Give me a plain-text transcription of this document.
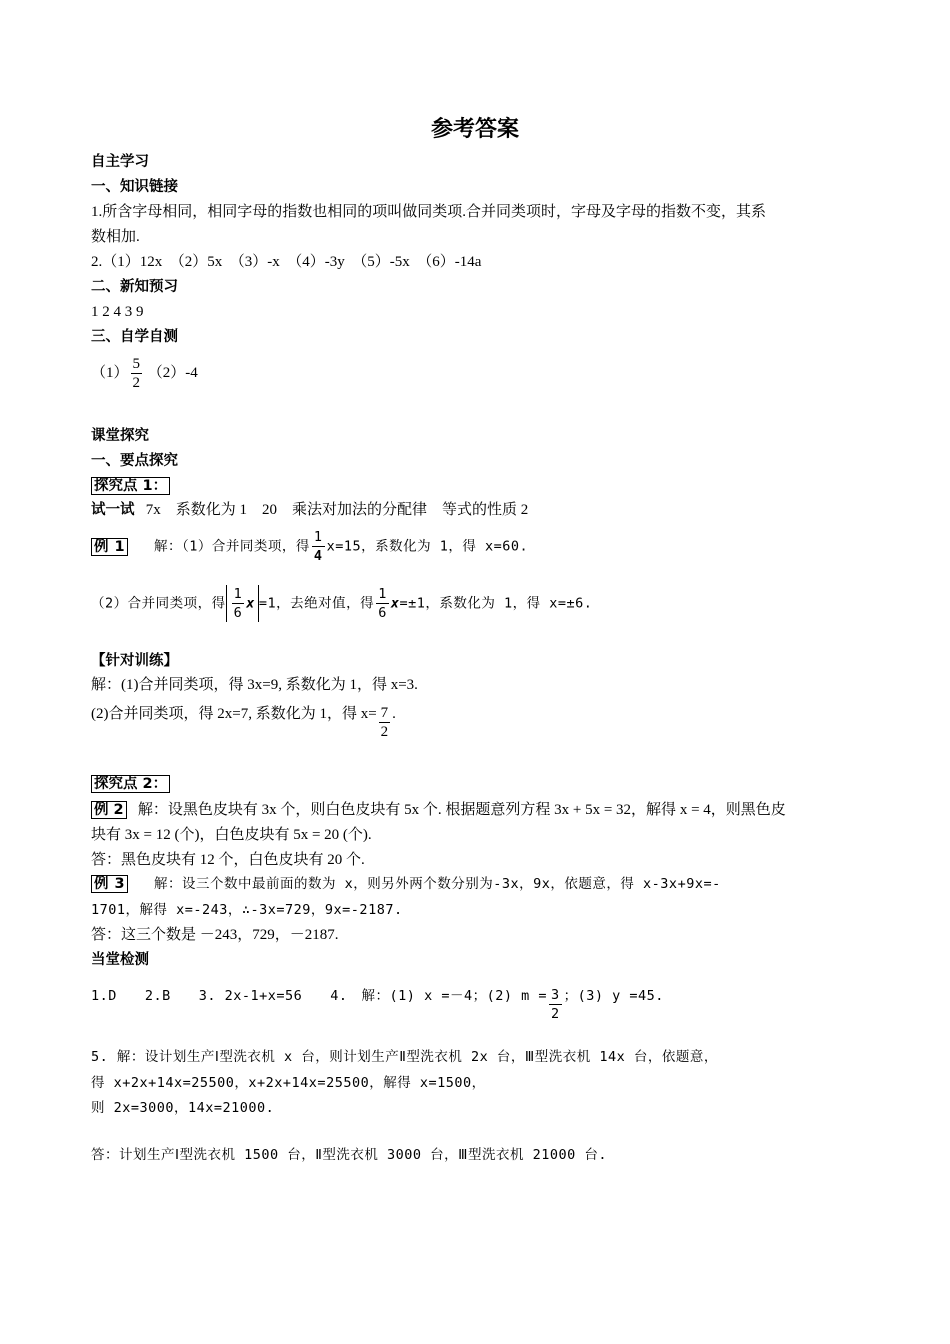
参考答案
自主学习
一、知识链接
1.所含字母相同，相同字母的指数也相同的项叫做同类项.合并同类项时，字母及字母的指数不变，其系
数相加.
2.（1）12x　（2）5x　（3）-x　（4）-3y　（5）-5x　（6）-14a
二、新知预习
1 2 4 3 9
三、自学自测
$(1) \frac{5}{2} (2)-4$
课堂探究
一、要点探究
探究点 1：
试一试 7x　系数化为 1　20　乘法对加法的分配律　等式的性质 2
例 1 解：（1）合并同类项，得 $\frac{1}{4} x=15$，系数化为 1，得 x=60.
（2）合并同类项，得 $\frac{1}{6}$ x =1，去绝对值，得 $\frac{1}{6} x=\pm 1$，系数化为 1，得 x=±6.
【针对训练】
解：(1)合并同类项，得 3x=9, 系数化为 1，得 x=3.
(2)合并同类项，得 2x=7, 系数化为 1，得 $x= \frac{7}{2}$ .
探究点 2：
例 2 解：设黑色皮块有 3x 个，则白色皮块有 5x 个. 根据题意列方程 3x + 5x = 32，解得 x = 4，则黑色皮
块有 3x = 12 (个)，白色皮块有 5x = 20 (个).
答：黑色皮块有 12 个，白色皮块有 20 个.
例 3 解：设三个数中最前面的数为 x，则另外两个数分别为-3x，9x，依题意，得 x-3x+9x=-
1701，解得 x=-243，∴-3x=729，9x=-2187.
答：这三个数是 －243，729，－2187.
当堂检测
1.D　　2.B　　3. 2x-1+x=56　　4.　解：(1) x =－4；(2) $m = \frac{3}{2}$ ；(3) y =45.
5. 解：设计划生产Ⅰ型洗衣机 x 台，则计划生产Ⅱ型洗衣机 2x 台，Ⅲ型洗衣机 14x 台，依题意，
得 x+2x+14x=25500，x+2x+14x=25500，解得 x=1500，
则 2x=3000，14x=21000.
答：计划生产Ⅰ型洗衣机 1500 台，Ⅱ型洗衣机 3000 台，Ⅲ型洗衣机 21000 台.
